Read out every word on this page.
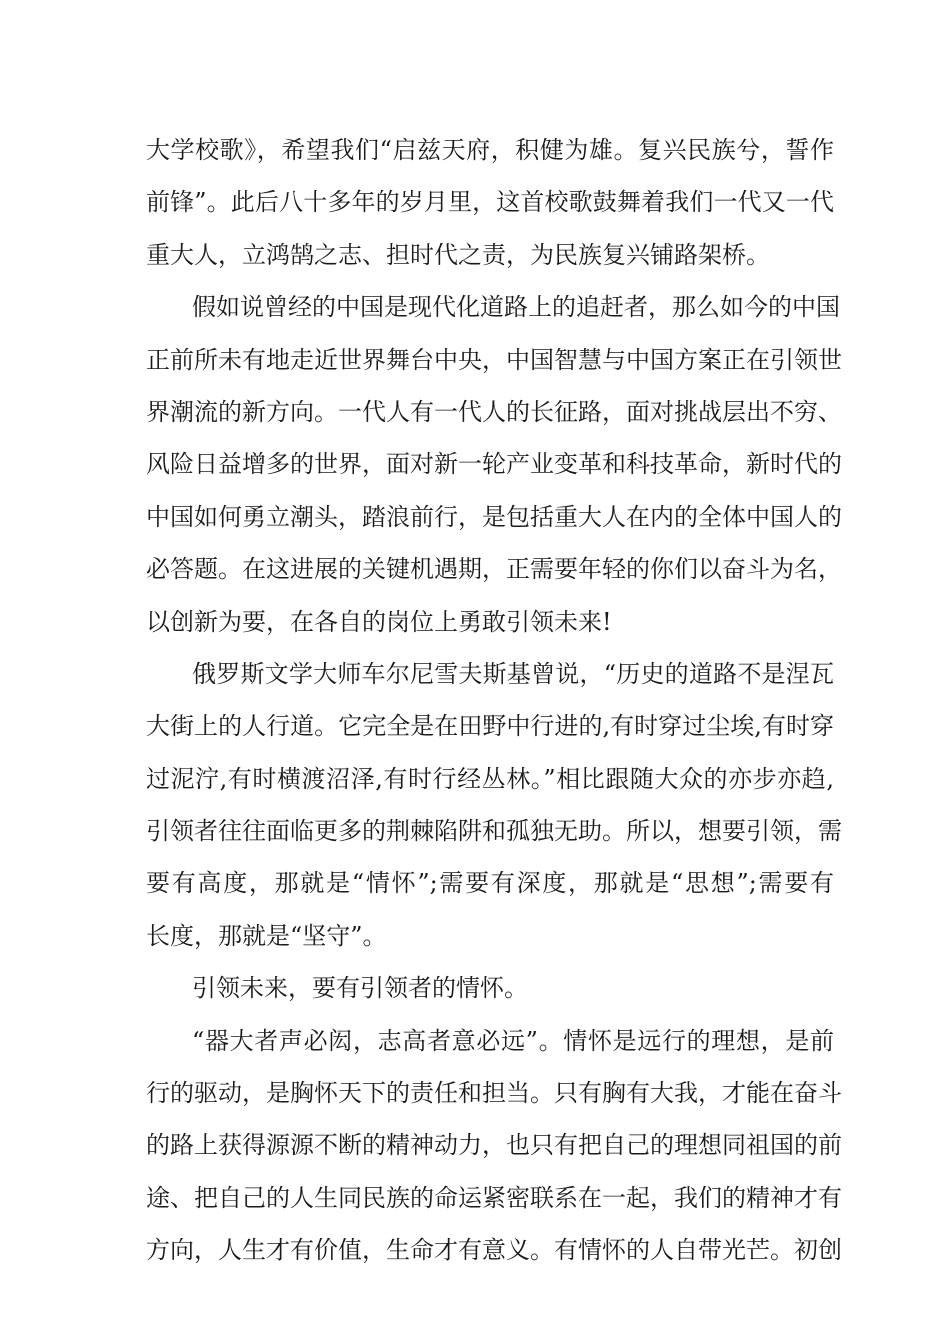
大学校歌》，希望我们“启兹天府，积健为雄。复兴民族兮，誓作
前锋”。此后八十多年的岁月里，这首校歌鼓舞着我们一代又一代
重大人，立鸿鹄之志、担时代之责，为民族复兴铺路架桥。
假如说曾经的中国是现代化道路上的追赶者，那么如今的中国
正前所未有地走近世界舞台中央，中国智慧与中国方案正在引领世
界潮流的新方向。一代人有一代人的长征路，面对挑战层出不穷、
风险日益增多的世界，面对新一轮产业变革和科技革命，新时代的
中国如何勇立潮头，踏浪前行，是包括重大人在内的全体中国人的
必答题。在这进展的关键机遇期，正需要年轻的你们以奋斗为名，
以创新为要，在各自的岗位上勇敢引领未来!
俄罗斯文学大师车尔尼雪夫斯基曾说，“历史的道路不是涅瓦
大街上的人行道。它完全是在田野中行进的,有时穿过尘埃,有时穿
过泥泞,有时横渡沼泽,有时行经丛林。”相比跟随大众的亦步亦趋,
引领者往往面临更多的荆棘陷阱和孤独无助。所以，想要引领，需
要有高度，那就是“情怀”;需要有深度，那就是“思想”;需要有
长度，那就是“坚守”。
引领未来，要有引领者的情怀。
“器大者声必闳，志高者意必远”。情怀是远行的理想，是前
行的驱动，是胸怀天下的责任和担当。只有胸有大我，才能在奋斗
的路上获得源源不断的精神动力，也只有把自己的理想同祖国的前
途、把自己的人生同民族的命运紧密联系在一起，我们的精神才有
方向，人生才有价值，生命才有意义。有情怀的人自带光芒。初创
